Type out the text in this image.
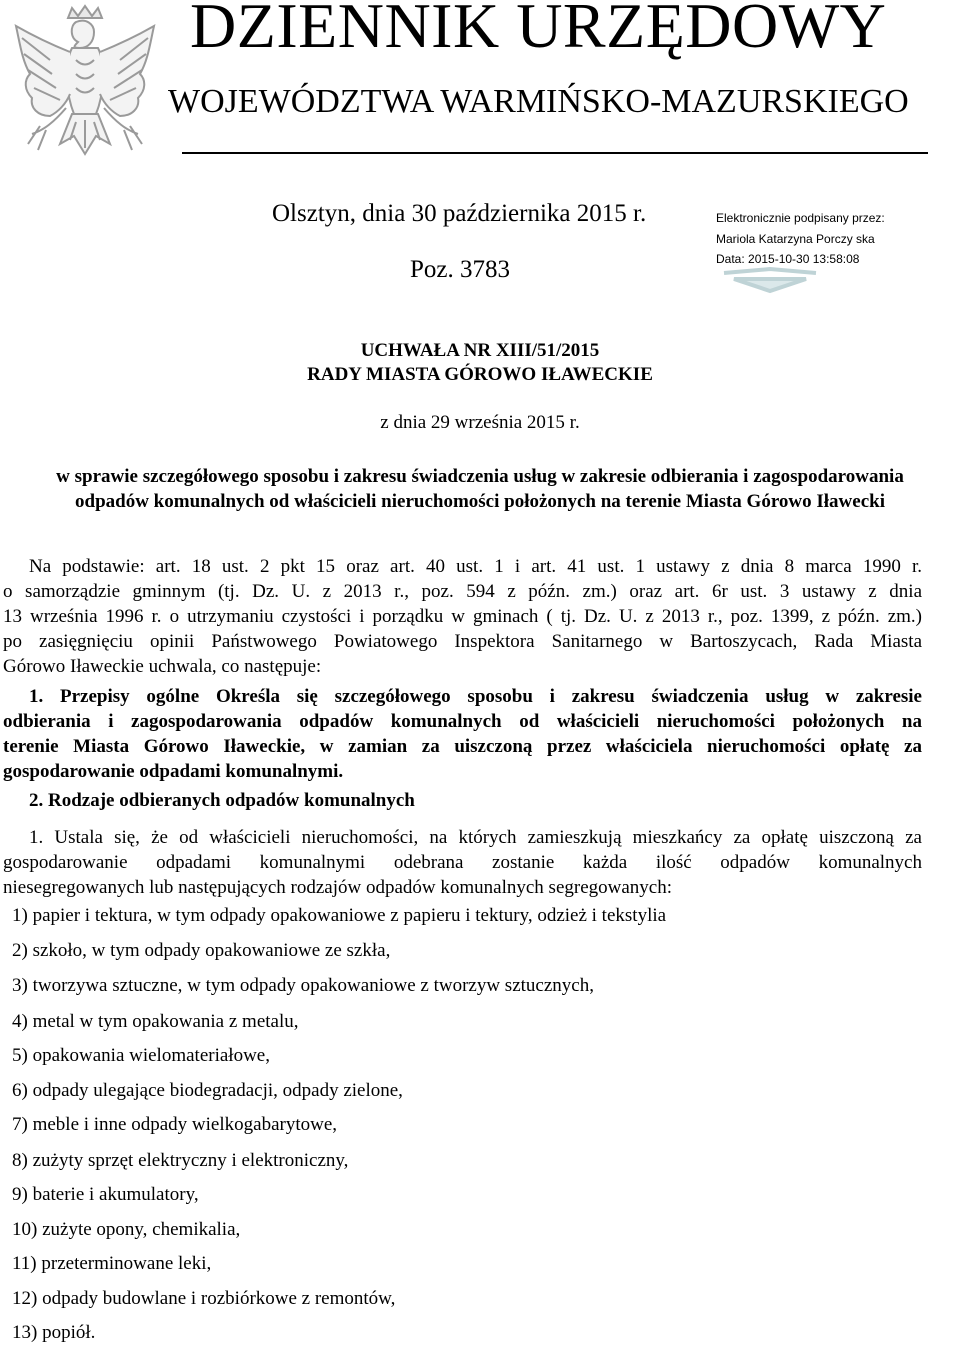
DZIENNIK URZĘDOWY
WOJEWÓDZTWA WARMIŃSKO-MAZURSKIEGO
Olsztyn, dnia 30 października 2015 r.
Poz. 3783
Elektronicznie podpisany przez:
Mariola Katarzyna Porczy ska
Data: 2015-10-30 13:58:08
UCHWAŁA NR XIII/51/2015
RADY MIASTA GÓROWO IŁAWECKIE
z dnia 29 września 2015 r.
w sprawie szczegółowego sposobu i zakresu świadczenia usług w zakresie odbierania i zagospodarowania
odpadów komunalnych od właścicieli nieruchomości położonych na terenie Miasta Górowo Iławecki
Na podstawie: art. 18 ust. 2 pkt 15 oraz art. 40 ust. 1 i art. 41 ust. 1 ustawy z dnia 8 marca 1990 r.
o samorządzie gminnym (tj. Dz. U. z 2013 r., poz. 594 z późn. zm.) oraz art. 6r ust. 3 ustawy z dnia
13 września 1996 r. o utrzymaniu czystości i porządku w gminach ( tj. Dz. U. z 2013 r., poz. 1399, z późn. zm.)
po zasięgnięciu opinii Państwowego Powiatowego Inspektora Sanitarnego w Bartoszycach, Rada Miasta
Górowo Iławeckie uchwala, co następuje:
1. Przepisy ogólne Określa się szczegółowego sposobu i zakresu świadczenia usług w zakresie
odbierania i zagospodarowania odpadów komunalnych od właścicieli nieruchomości położonych na
terenie Miasta Górowo Iławeckie, w zamian za uiszczoną przez właściciela nieruchomości opłatę za
gospodarowanie odpadami komunalnymi.
2. Rodzaje odbieranych odpadów komunalnych
1. Ustala się, że od właścicieli nieruchomości, na których zamieszkują mieszkańcy za opłatę uiszczoną za
gospodarowanie odpadami komunalnymi odebrana zostanie każda ilość odpadów komunalnych
niesegregowanych lub następujących rodzajów odpadów komunalnych segregowanych:
1) papier i tektura, w tym odpady opakowaniowe z papieru i tektury, odzież i tekstylia
2) szkoło, w tym odpady opakowaniowe ze szkła,
3) tworzywa sztuczne, w tym odpady opakowaniowe z tworzyw sztucznych,
4) metal w tym opakowania z metalu,
5) opakowania wielomateriałowe,
6) odpady ulegające biodegradacji, odpady zielone,
7) meble i inne odpady wielkogabarytowe,
8) zużyty sprzęt elektryczny i elektroniczny,
9) baterie i akumulatory,
10) zużyte opony, chemikalia,
11) przeterminowane leki,
12) odpady budowlane i rozbiórkowe z remontów,
13) popiół.
